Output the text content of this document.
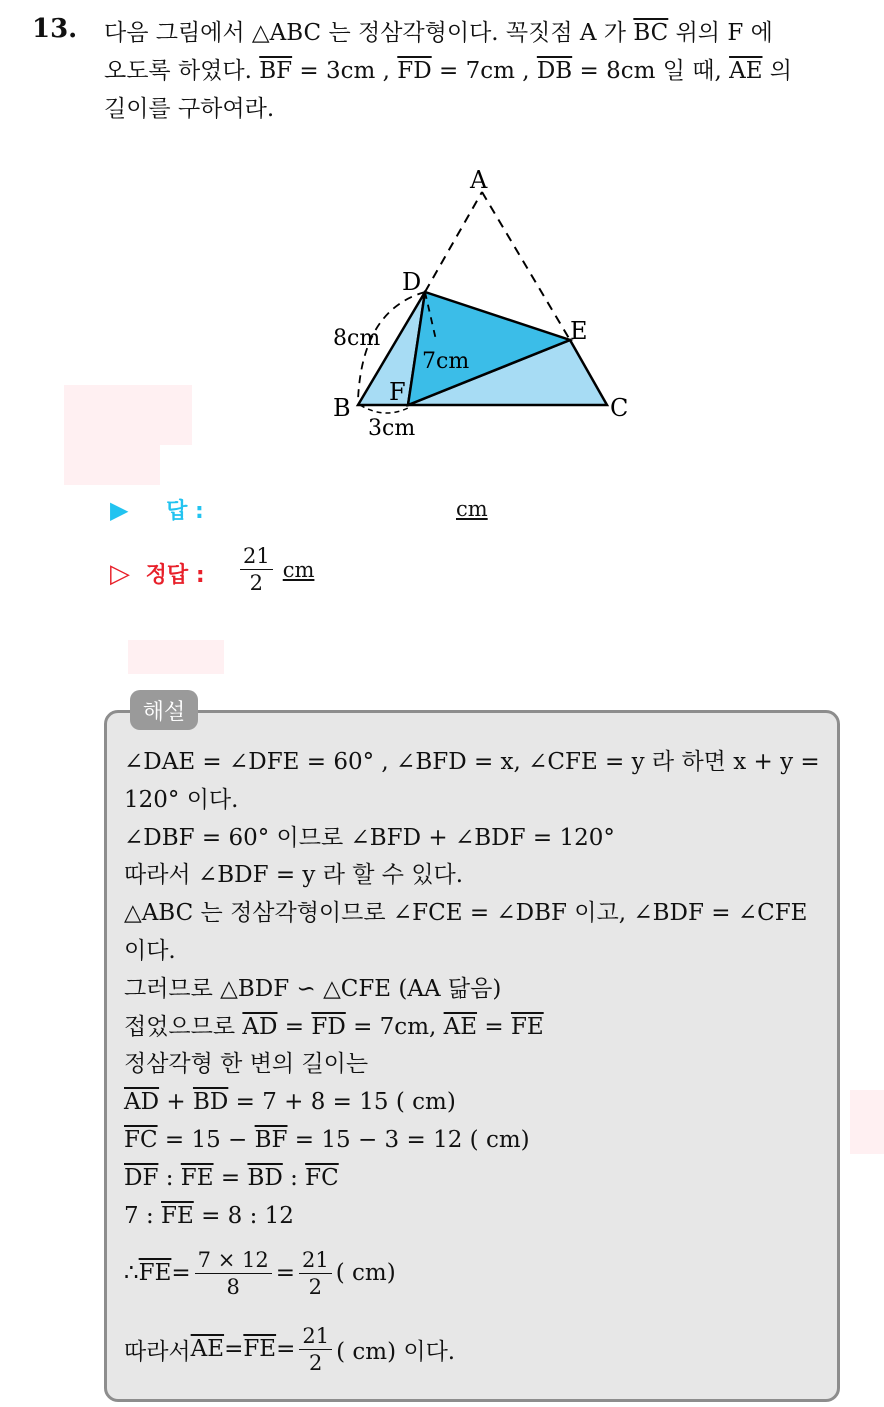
13. 다음 그림에서 △ABC 는 정삼각형이다. 꼭짓점 A 가 $\overline{BC}$ 위의 F 에
오도록 하였다. $\overline{BF} = 3cm$ , $\overline{FD} = 7cm$ , $\overline{DB} = 8cm$ 일 때, $\overline{AE}$ 의
길이를 구하여라.
A
B	C
D
E
F
8cm
7cm
3cm
▶ 답 :	cm
▷ 정답 : $\frac{21}{2}$ cm
해설
∠DAE = ∠DFE = 60° , ∠BFD = x, ∠CFE = y 라 하면 x + y =
120° 이다.
∠DBF = 60° 이므로 ∠BFD + ∠BDF = 120°
따라서 ∠BDF = y 라 할 수 있다.
△ABC 는 정삼각형이므로 ∠FCE = ∠DBF 이고, ∠BDF = ∠CFE
이다.
그러므로 △BDF ∽ △CFE (AA 닮음)
접었으므로 $\overline{AD} = \overline{FD} = 7cm$, $\overline{AE} = \overline{FE}$
정삼각형 한 변의 길이는
$\overline{AD} + \overline{BD} = 7 + 8 = 15$ ( cm)
$\overline{FC} = 15 - \overline{BF} = 15 - 3 = 12$ ( cm)
$\overline{DF}$ : $\overline{FE} = \overline{BD}$ : $\overline{FC}$
7 : $\overline{FE} = 8$ : 12
∴ $\overline{FE} = \frac{7 \times 12}{8} = \frac{21}{2}$ ( cm)
따라서 $\overline{AE} = \overline{FE} = \frac{21}{2}$ ( cm) 이다.
